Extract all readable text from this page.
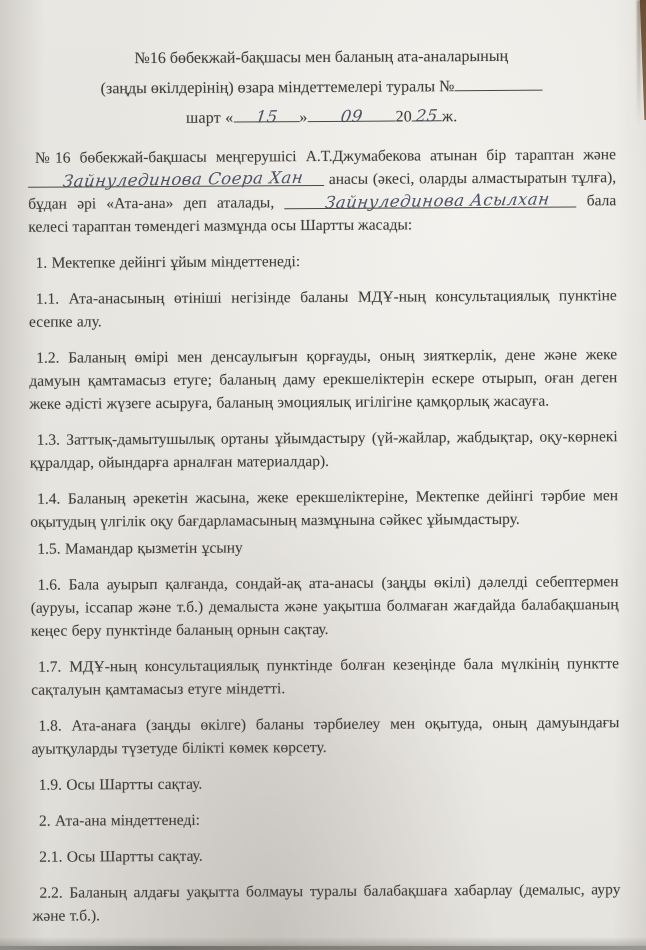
№16 бөбекжай-бақшасы мен баланың ата-аналарының
(заңды өкілдерінің) өзара міндеттемелері туралы №
шарт « 15 » 09 20 25 ж.

№16 бөбекжай-бақшасы меңгерушісі А.Т.Джумабекова атынан бір тараптан және Зайнулединова Соера Хан анасы (әкесі, оларды алмастыратын тұлға), бұдан әрі «Ата-ана» деп аталады,	Зайнулединова Асылхан бала келесі тараптан төмендегі мазмұнда осы Шартты жасады:

1. Мектепке дейінгі ұйым міндеттенеді:

1.1. Ата-анасының өтініші негізінде баланы МДҰ-ның консультациялық пунктіне есепке алу.

1.2. Баланың өмірі мен денсаулығын қорғауды, оның зияткерлік, дене және жеке дамуын қамтамасыз етуге; баланың даму ерекшеліктерін ескере отырып, оған деген жеке әдісті жүзеге асыруға, баланың эмоциялық игілігіне қамқорлық жасауға.

1.3. Заттық-дамытушылық ортаны ұйымдастыру (үй-жайлар, жабдықтар, оқу-көрнекі құралдар, ойындарға арналған материалдар).

1.4. Баланың әрекетін жасына, жеке ерекшеліктеріне, Мектепке дейінгі тәрбие мен оқытудың үлгілік оқу бағдарламасының мазмұнына сәйкес ұйымдастыру.

1.5. Мамандар қызметін ұсыну

1.6. Бала ауырып қалғанда, сондай-ақ ата-анасы (заңды өкілі) дәлелді себептермен (ауруы, іссапар және т.б.) демалыста және уақытша болмаған жағдайда балабақшаның кеңес беру пунктінде баланың орнын сақтау.

1.7. МДҰ-ның консультациялық пунктінде болған кезеңінде бала мүлкінің пунктте сақталуын қамтамасыз етуге міндетті.

1.8. Ата-анаға (заңды өкілге) баланы тәрбиелеу мен оқытуда, оның дамуындағы ауытқуларды түзетуде білікті көмек көрсету.

1.9. Осы Шартты сақтау.

2. Ата-ана міндеттенеді:

2.1. Осы Шартты сақтау.

2.2. Баланың алдағы уақытта болмауы туралы балабақшаға хабарлау (демалыс, ауру және т.б.).
